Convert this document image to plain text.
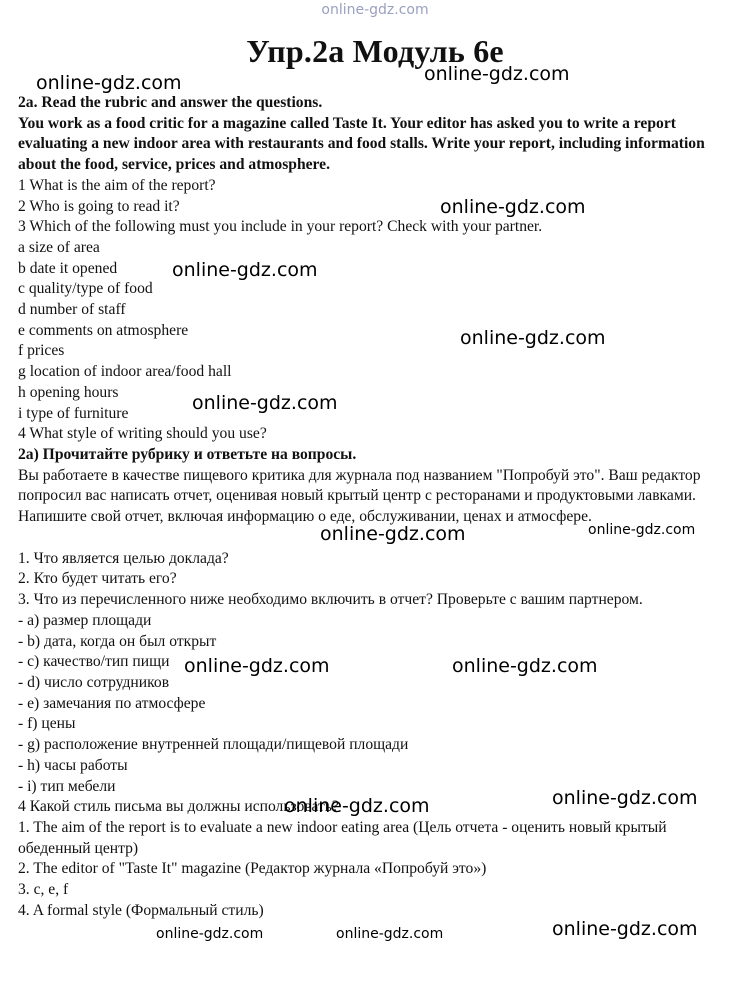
online-gdz.com
Упр.2а Модуль 6е
2a. Read the rubric and answer the questions.
You work as a food critic for a magazine called Taste It. Your editor has asked you to write a report evaluating a new indoor area with restaurants and food stalls. Write your report, including information about the food, service, prices and atmosphere.
1 What is the aim of the report?
2 Who is going to read it?
3 Which of the following must you include in your report? Check with your partner.
a size of area
b date it opened
c quality/type of food
d number of staff
e comments on atmosphere
f prices
g location of indoor area/food hall
h opening hours
i type of furniture
4 What style of writing should you use?
2а) Прочитайте рубрику и ответьте на вопросы.
Вы работаете в качестве пищевого критика для журнала под названием "Попробуй это". Ваш редактор попросил вас написать отчет, оценивая новый крытый центр с ресторанами и продуктовыми лавками. Напишите свой отчет, включая информацию о еде, обслуживании, ценах и атмосфере.
1. Что является целью доклада?
2. Кто будет читать его?
3. Что из перечисленного ниже необходимо включить в отчет? Проверьте с вашим партнером.
- а) размер площади
- b) дата, когда он был открыт
- c) качество/тип пищи
- d) число сотрудников
- e) замечания по атмосфере
- f) цены
- g) расположение внутренней площади/пищевой площади
- h) часы работы
- i) тип мебели
4 Какой стиль письма вы должны использовать?
1. The aim of the report is to evaluate a new indoor eating area (Цель отчета - оценить новый крытый обеденный центр)
2. The editor of "Taste It" magazine (Редактор журнала «Попробуй это»)
3. c, e, f
4. A formal style (Формальный стиль)
online-gdz.com	online-gdz.com
online-gdz.com
online-gdz.com
online-gdz.com
online-gdz.com
online-gdz.com	online-gdz.com
online-gdz.com	online-gdz.com
online-gdz.com
online-gdz.com
online-gdz.com	online-gdz.com	online-gdz.com
